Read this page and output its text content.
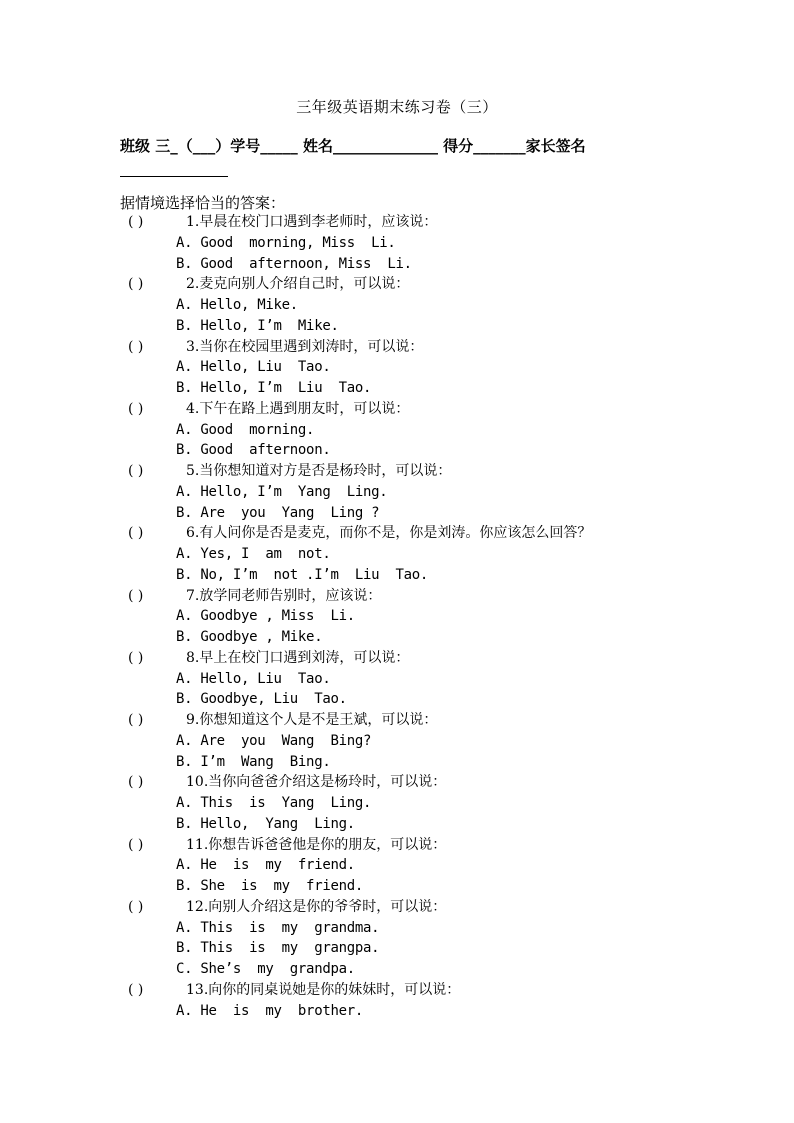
三年级英语期末练习卷（三）
班级 三_（___）学号_____ 姓名______________ 得分_______家长签名
据情境选择恰当的答案：
( )	1.早晨在校门口遇到李老师时，应该说：
A. Good  morning, Miss  Li.
B. Good  afternoon, Miss  Li.
( )	2.麦克向别人介绍自己时，可以说：
A. Hello, Mike.
B. Hello, I’m  Mike.
( )	3.当你在校园里遇到刘涛时，可以说：
A. Hello, Liu  Tao.
B. Hello, I’m  Liu  Tao.
( )	4.下午在路上遇到朋友时，可以说：
A. Good  morning.
B. Good  afternoon.
( )	5.当你想知道对方是否是杨玲时，可以说：
A. Hello, I’m  Yang  Ling.
B. Are  you  Yang  Ling ?
( )	6.有人问你是否是麦克，而你不是，你是刘涛。你应该怎么回答？
A. Yes, I  am  not.
B. No, I’m  not .I’m  Liu  Tao.
( )	7.放学同老师告别时，应该说：
A. Goodbye , Miss  Li.
B. Goodbye , Mike.
( )	8.早上在校门口遇到刘涛，可以说：
A. Hello, Liu  Tao.
B. Goodbye, Liu  Tao.
( )	9.你想知道这个人是不是王斌，可以说：
A. Are  you  Wang  Bing?
B. I’m  Wang  Bing.
( )	10.当你向爸爸介绍这是杨玲时，可以说：
A. This  is  Yang  Ling.
B. Hello,  Yang  Ling.
( )	11.你想告诉爸爸他是你的朋友，可以说：
A. He  is  my  friend.
B. She  is  my  friend.
( )	12.向别人介绍这是你的爷爷时，可以说：
A. This  is  my  grandma.
B. This  is  my  grangpa.
C. She’s  my  grandpa.
( )	13.向你的同桌说她是你的妹妹时，可以说：
A. He  is  my  brother.
